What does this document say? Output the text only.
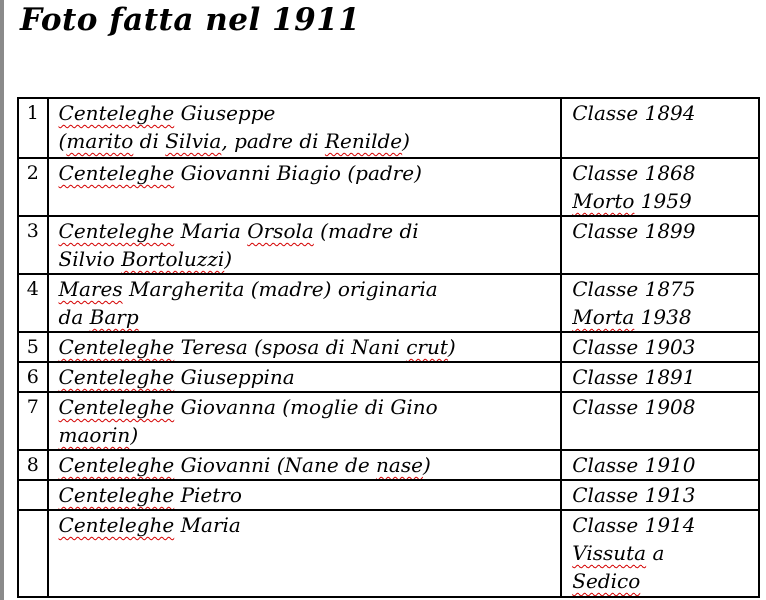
Foto fatta nel 1911
1	Centeleghe Giuseppe
(marito di Silvia, padre di Renilde)	Classe 1894

2	Centeleghe Giovanni Biagio (padre)	Classe 1868
Morto 1959

3	Centeleghe Maria Orsola (madre di
Silvio Bortoluzzi)	Classe 1899

4	Mares Margherita (madre) originaria
da Barp	Classe 1875
Morta 1938

5	Centeleghe Teresa (sposa di Nani crut)	Classe 1903

6	Centeleghe Giuseppina	Classe 1891

7	Centeleghe Giovanna (moglie di Gino
maorin)	Classe 1908

8	Centeleghe Giovanni (Nane de nase)	Classe 1910

	Centeleghe Pietro	Classe 1913

	Centeleghe Maria	Classe 1914
Vissuta a
Sedico
